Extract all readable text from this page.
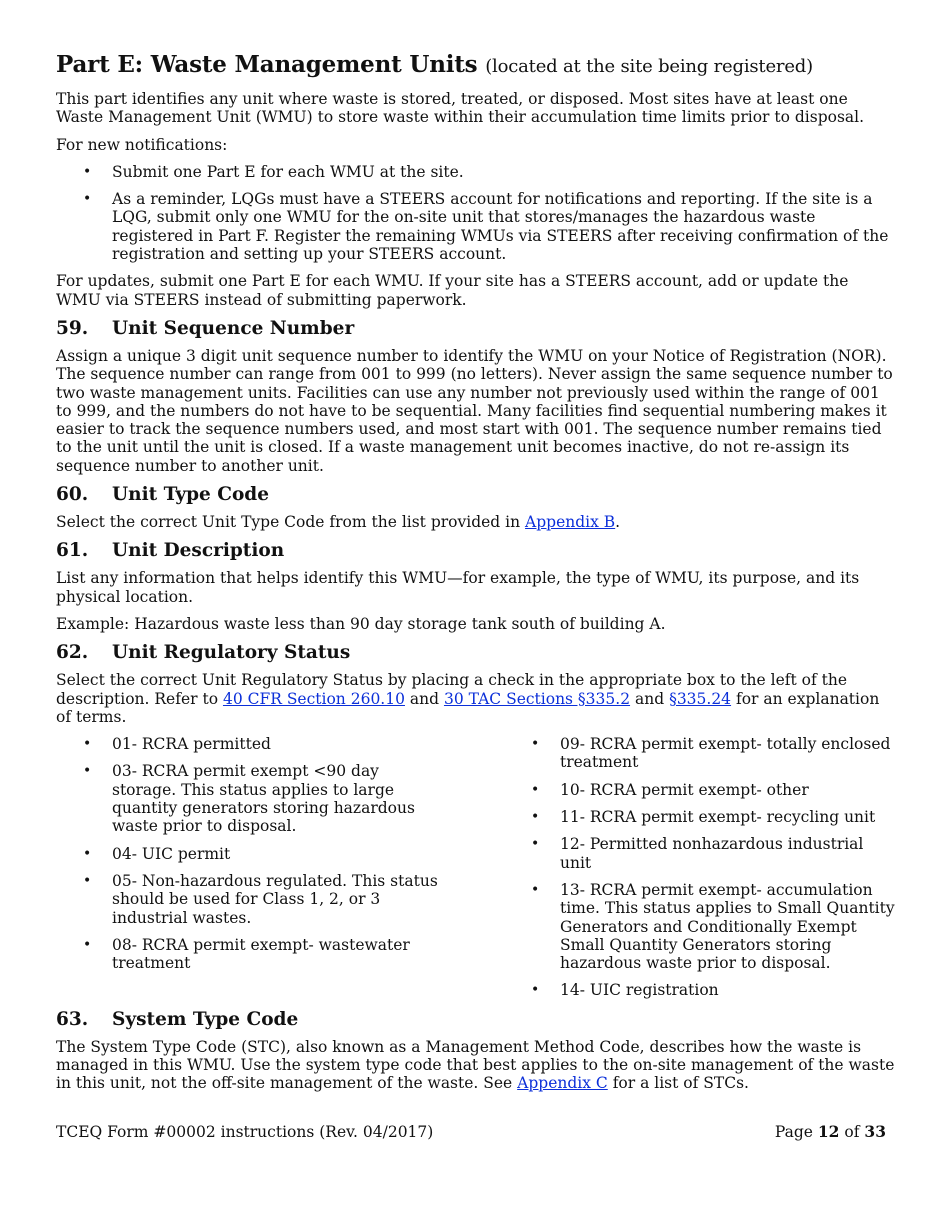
Part E: Waste Management Units (located at the site being registered)

This part identifies any unit where waste is stored, treated, or disposed. Most sites have at least one Waste Management Unit (WMU) to store waste within their accumulation time limits prior to disposal.

For new notifications:

• Submit one Part E for each WMU at the site.
• As a reminder, LQGs must have a STEERS account for notifications and reporting. If the site is a LQG, submit only one WMU for the on-site unit that stores/manages the hazardous waste registered in Part F. Register the remaining WMUs via STEERS after receiving confirmation of the registration and setting up your STEERS account.

For updates, submit one Part E for each WMU. If your site has a STEERS account, add or update the WMU via STEERS instead of submitting paperwork.

59.	Unit Sequence Number

Assign a unique 3 digit unit sequence number to identify the WMU on your Notice of Registration (NOR). The sequence number can range from 001 to 999 (no letters). Never assign the same sequence number to two waste management units. Facilities can use any number not previously used within the range of 001 to 999, and the numbers do not have to be sequential. Many facilities find sequential numbering makes it easier to track the sequence numbers used, and most start with 001. The sequence number remains tied to the unit until the unit is closed. If a waste management unit becomes inactive, do not re-assign its sequence number to another unit.

60.	Unit Type Code

Select the correct Unit Type Code from the list provided in Appendix B.

61.	Unit Description

List any information that helps identify this WMU—for example, the type of WMU, its purpose, and its physical location.

Example: Hazardous waste less than 90 day storage tank south of building A.

62.	Unit Regulatory Status

Select the correct Unit Regulatory Status by placing a check in the appropriate box to the left of the description. Refer to 40 CFR Section 260.10 and 30 TAC Sections §335.2 and §335.24 for an explanation of terms.

• 01- RCRA permitted
• 03- RCRA permit exempt <90 day storage. This status applies to large quantity generators storing hazardous waste prior to disposal.
• 04- UIC permit
• 05- Non-hazardous regulated. This status should be used for Class 1, 2, or 3 industrial wastes.
• 08- RCRA permit exempt- wastewater treatment
• 09- RCRA permit exempt- totally enclosed treatment
• 10- RCRA permit exempt- other
• 11- RCRA permit exempt- recycling unit
• 12- Permitted nonhazardous industrial unit
• 13- RCRA permit exempt- accumulation time. This status applies to Small Quantity Generators and Conditionally Exempt Small Quantity Generators storing hazardous waste prior to disposal.
• 14- UIC registration
63.	System Type Code

The System Type Code (STC), also known as a Management Method Code, describes how the waste is managed in this WMU. Use the system type code that best applies to the on-site management of the waste in this unit, not the off-site management of the waste. See Appendix C for a list of STCs.

TCEQ Form #00002 instructions (Rev. 04/2017)	Page 12 of 33
